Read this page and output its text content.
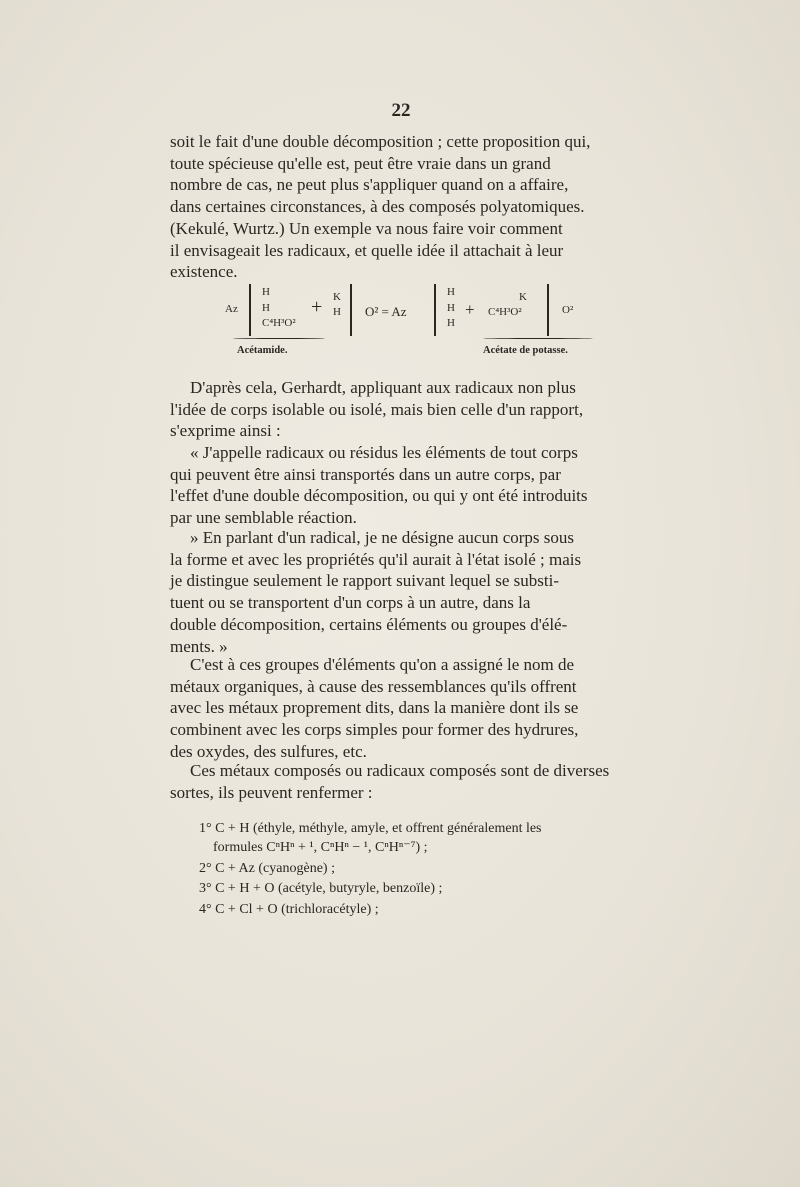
22
soit le fait d'une double décomposition ; cette proposition qui,
toute spécieuse qu'elle est, peut être vraie dans un grand
nombre de cas, ne peut plus s'appliquer quand on a affaire,
dans certaines circonstances, à des composés polyatomiques.
(Kekulé, Wurtz.) Un exemple va nous faire voir comment
il envisageait les radicaux, et quelle idée il attachait à leur
existence.
Az
H
H
C⁴H³O²
+ K
H O² = Az
H
H
H
+
K
C⁴H³O²	O²
Acétamide.	Acétate de potasse.
D'après cela, Gerhardt, appliquant aux radicaux non plus
l'idée de corps isolable ou isolé, mais bien celle d'un rapport,
s'exprime ainsi :
« J'appelle radicaux ou résidus les éléments de tout corps
qui peuvent être ainsi transportés dans un autre corps, par
l'effet d'une double décomposition, ou qui y ont été introduits
par une semblable réaction.
» En parlant d'un radical, je ne désigne aucun corps sous
la forme et avec les propriétés qu'il aurait à l'état isolé ; mais
je distingue seulement le rapport suivant lequel se substi-
tuent ou se transportent d'un corps à un autre, dans la
double décomposition, certains éléments ou groupes d'élé-
ments. »
C'est à ces groupes d'éléments qu'on a assigné le nom de
métaux organiques, à cause des ressemblances qu'ils offrent
avec les métaux proprement dits, dans la manière dont ils se
combinent avec les corps simples pour former des hydrures,
des oxydes, des sulfures, etc.
Ces métaux composés ou radicaux composés sont de diverses
sortes, ils peuvent renfermer :
1° C + H (éthyle, méthyle, amyle, et offrent généralement les
formules CⁿHⁿ + ¹, CⁿHⁿ − ¹, CⁿHⁿ⁻⁷) ;
2° C + Az (cyanogène) ;
3° C + H + O (acétyle, butyryle, benzoïle) ;
4° C + Cl + O (trichloracétyle) ;
